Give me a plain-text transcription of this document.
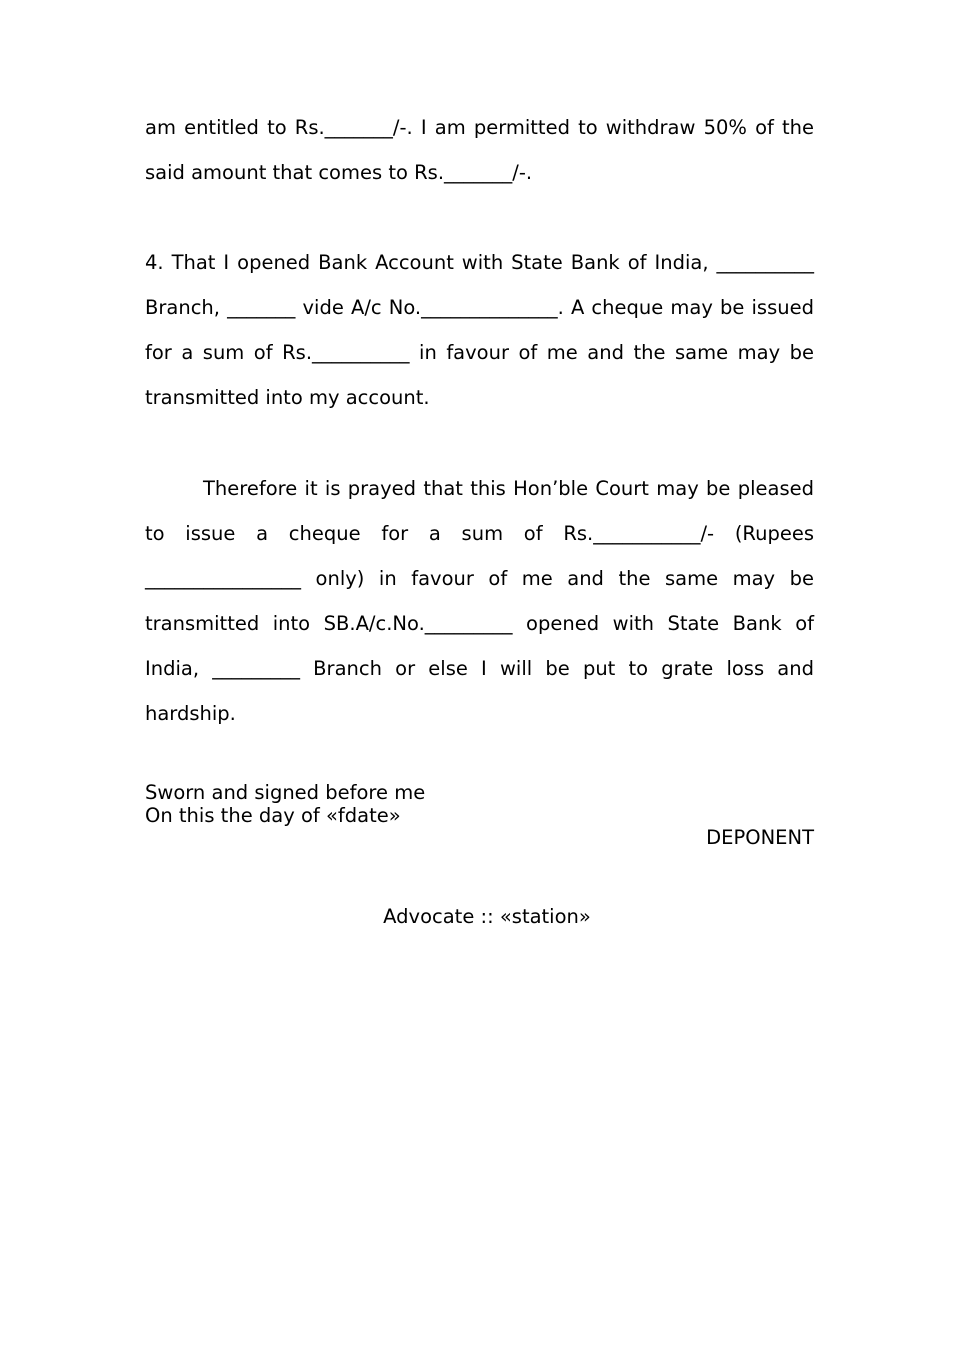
am entitled to Rs._______/-. I am permitted to withdraw 50% of the said amount that comes to Rs._______/-.

4. That I opened Bank Account with State Bank of India, __________ Branch, _______ vide A/c No.______________. A cheque may be issued for a sum of Rs.__________ in favour of me and the same may be transmitted into my account.

Therefore it is prayed that this Hon’ble Court may be pleased to issue a cheque for a sum of Rs.___________/- (Rupees ________________ only) in favour of me and the same may be transmitted into SB.A/c.No._________ opened with State Bank of India, _________ Branch or else I will be put to grate loss and hardship.

Sworn and signed before me
On this the day of «fdate»
DEPONENT
Advocate :: «station»
